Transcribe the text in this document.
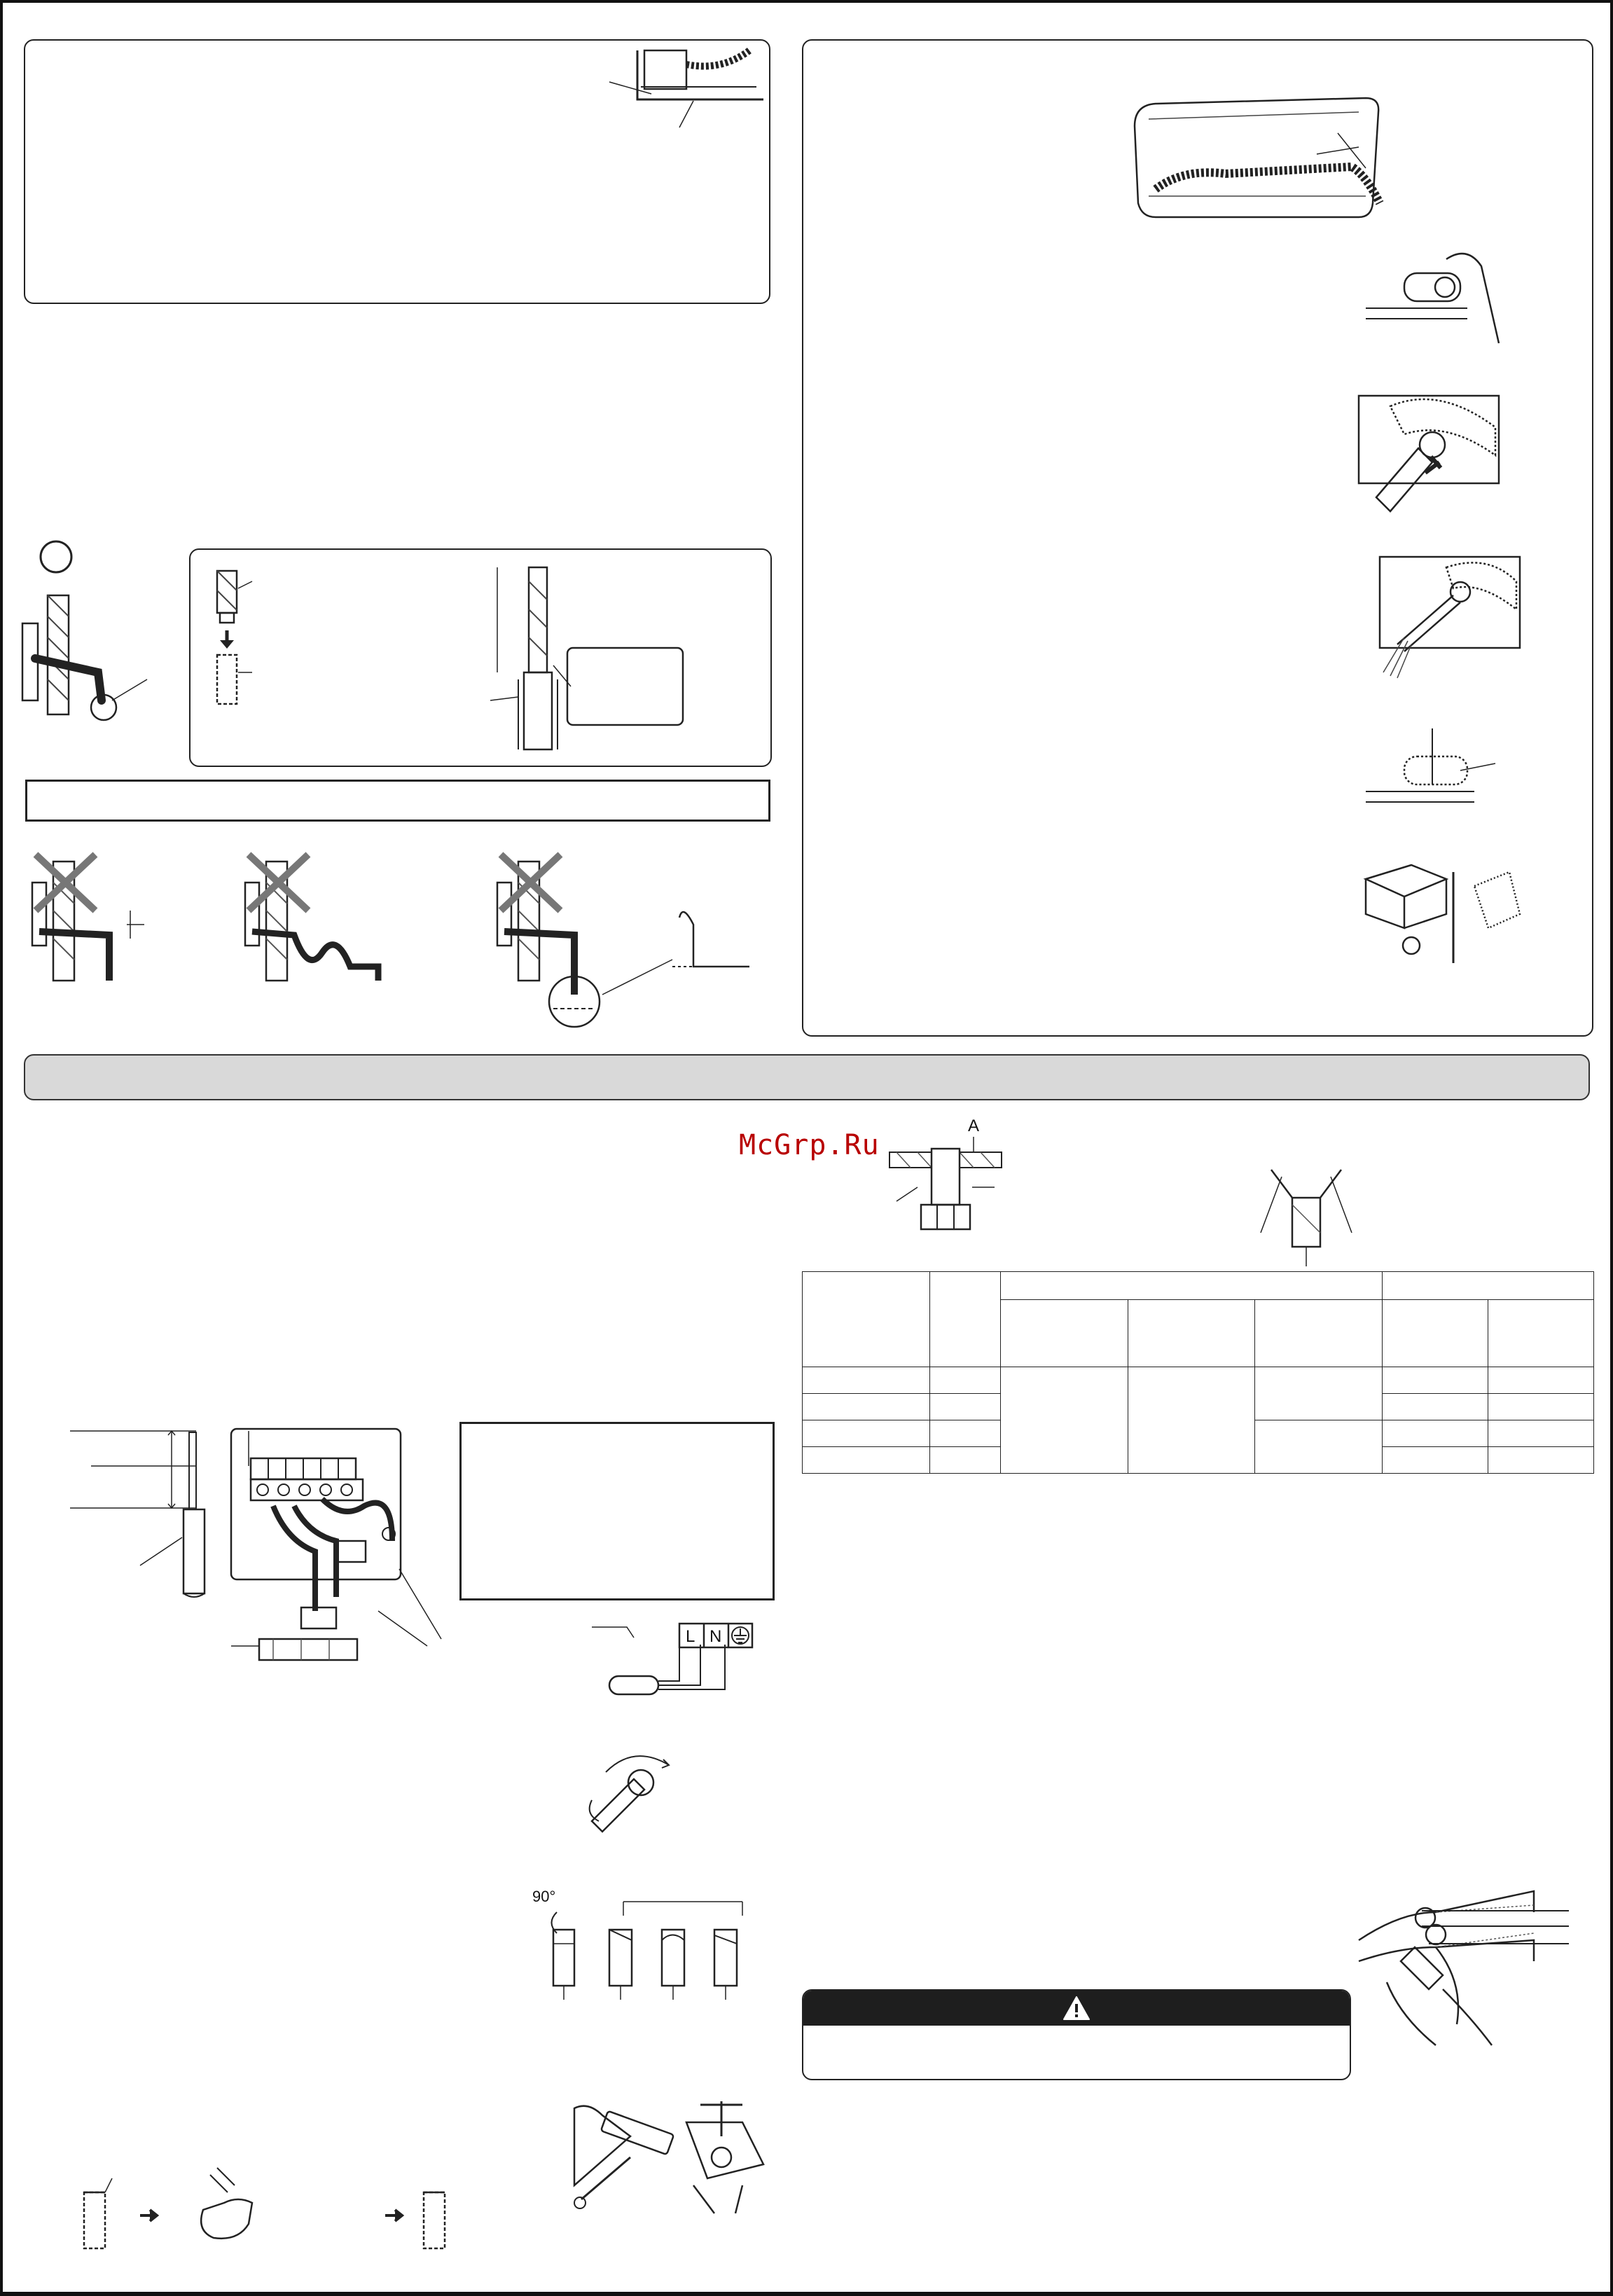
McGrp.Ru
A

L N
90°
